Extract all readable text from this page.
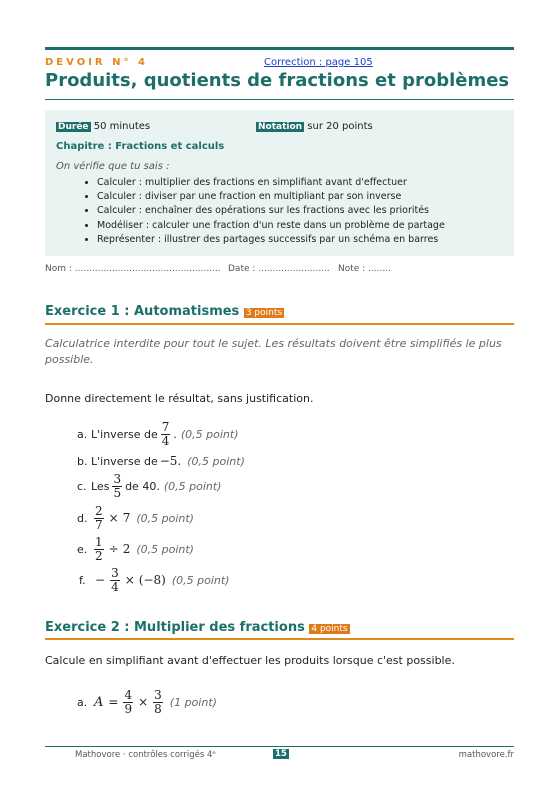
DEVOIR N° 4	Correction : page 105
Produits, quotients de fractions et problèmes
Durée 50 minutes	Notation sur 20 points
Chapitre : Fractions et calculs
On vérifie que tu sais :
• Calculer : multiplier des fractions en simplifiant avant d'effectuer
• Calculer : diviser par une fraction en multipliant par son inverse
• Calculer : enchaîner des opérations sur les fractions avec les priorités
• Modéliser : calculer une fraction d'un reste dans un problème de partage
• Représenter : illustrer des partages successifs par un schéma en barres
Nom : ................................................... Date : ......................... Note : ........
Exercice 1 : Automatismes 3 points
Calculatrice interdite pour tout le sujet. Les résultats doivent être simplifiés le plus possible.
Donne directement le résultat, sans justification.
a. L'inverse de $\frac{7}{4}$ . (0,5 point)
b. L'inverse de −5. (0,5 point)
c. Les $\frac{3}{5}$ de 40. (0,5 point)
d. $\frac{2}{7} \times 7$ (0,5 point)
e. $\frac{1}{2} \div 2$ (0,5 point)
f. − $\frac{3}{4} \times (-8)$ (0,5 point)
Exercice 2 : Multiplier des fractions 4 points
Calcule en simplifiant avant d'effectuer les produits lorsque c'est possible.
a. $A = \frac{4}{9} \times \frac{3}{8} (1$ point)
Mathovore · contrôles corrigés 4ᵉ	15	mathovore.fr
